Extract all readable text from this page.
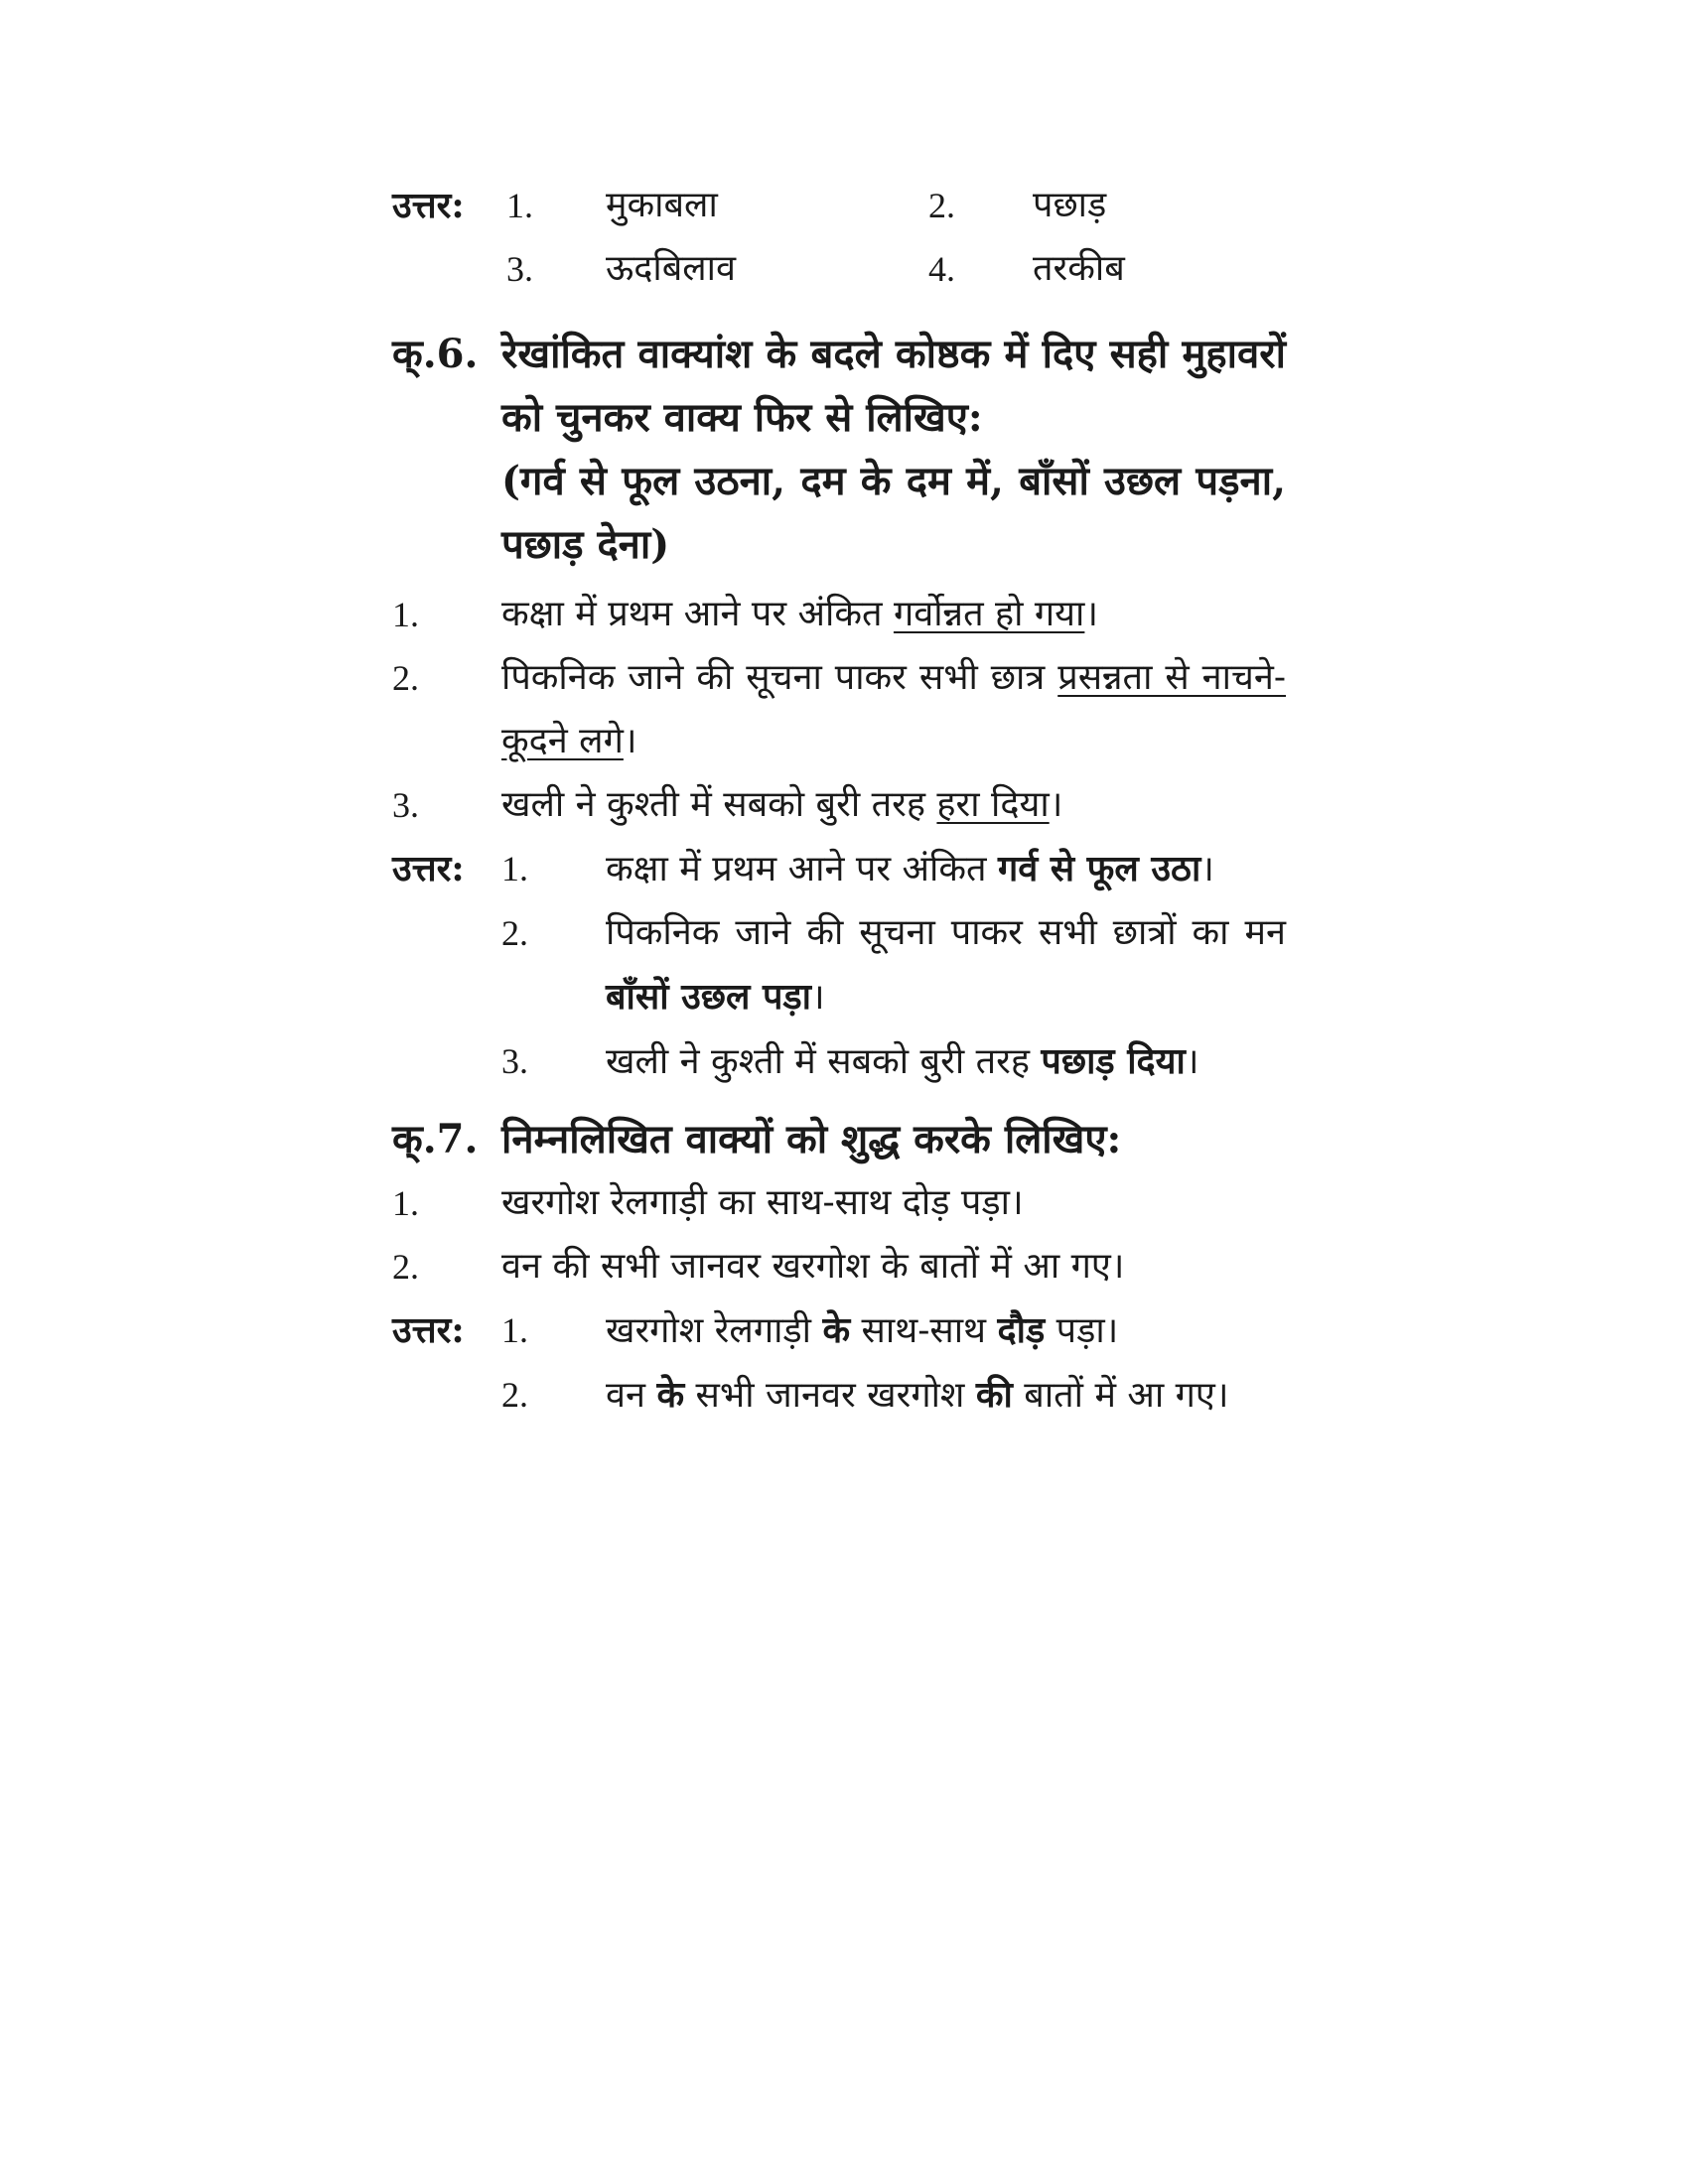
उत्तर: 1. मुकाबला	2. पछाड़
3. ऊदबिलाव	4. तरकीब
क्.6. रेखांकित वाक्यांश के बदले कोष्ठक में दिए सही मुहावरों को चुनकर वाक्य फिर से लिखिए:
(गर्व से फूल उठना, दम के दम में, बाँसों उछल पड़ना, पछाड़ देना)
1. कक्षा में प्रथम आने पर अंकित गर्वोन्नत हो गया।
2. पिकनिक जाने की सूचना पाकर सभी छात्र प्रसन्नता से नाचने-कूदने लगे।
3. खली ने कुश्ती में सबको बुरी तरह हरा दिया।
उत्तर: 1. कक्षा में प्रथम आने पर अंकित गर्व से फूल उठा।
2. पिकनिक जाने की सूचना पाकर सभी छात्रों का मन बाँसों उछल पड़ा।
3. खली ने कुश्ती में सबको बुरी तरह पछाड़ दिया।
क्.7. निम्नलिखित वाक्यों को शुद्ध करके लिखिए:
1. खरगोश रेलगाड़ी का साथ-साथ दोड़ पड़ा।
2. वन की सभी जानवर खरगोश के बातों में आ गए।
उत्तर: 1. खरगोश रेलगाड़ी के साथ-साथ दौड़ पड़ा।
2. वन के सभी जानवर खरगोश की बातों में आ गए।
